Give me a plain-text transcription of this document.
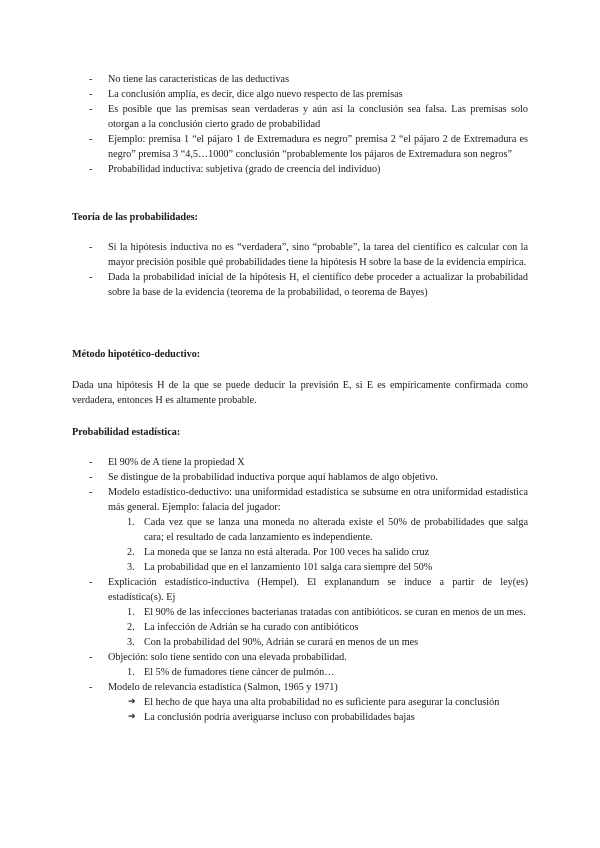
- No tiene las características de las deductivas
- La conclusión amplía, es decir, dice algo nuevo respecto de las premisas
- Es posible que las premisas sean verdaderas y aún así la conclusión sea falsa. Las premisas solo otorgan a la conclusión cierto grado de probabilidad
- Ejemplo: premisa 1 “el pájaro 1 de Extremadura es negro” premisa 2 “el pájaro 2 de Extremadura es negro” premisa 3 “4,5…1000” conclusión “probablemente los pájaros de Extremadura son negros”
- Probabilidad inductiva: subjetiva (grado de creencia del individuo)
Teoría de las probabilidades:
- Si la hipótesis inductiva no es “verdadera”, sino “probable”, la tarea del científico es calcular con la mayor precisión posible qué probabilidades tiene la hipótesis H sobre la base de la evidencia empírica.
- Dada la probabilidad inicial de la hipótesis H, el científico debe proceder a actualizar la probabilidad sobre la base de la evidencia (teorema de la probabilidad, o teorema de Bayes)
Método hipotético-deductivo:
Dada una hipótesis H de la que se puede deducir la previsión E, si E es empíricamente confirmada como verdadera, entonces H es altamente probable.
Probabilidad estadística:
- El 90% de A tiene la propiedad X
- Se distingue de la probabilidad inductiva porque aquí hablamos de algo objetivo.
- Modelo estadístico-deductivo: una uniformidad estadística se subsume en otra uniformidad estadística más general. Ejemplo: falacia del jugador:
1. Cada vez que se lanza una moneda no alterada existe el 50% de probabilidades que salga cara; el resultado de cada lanzamiento es independiente.
2. La moneda que se lanza no está alterada. Por 100 veces ha salido cruz
3. La probabilidad que en el lanzamiento 101 salga cara siempre del 50%
- Explicación estadístico-inductiva (Hempel). El explanandum se induce a partir de ley(es) estadística(s). Ej
1. El 90% de las infecciones bacterianas tratadas con antibióticos. se curan en menos de un mes.
2. La infección de Adrián se ha curado con antibióticos
3. Con la probabilidad del 90%, Adrián se curará en menos de un mes
- Objeción: solo tiene sentido con una elevada probabilidad.
1. El 5% de fumadores tiene cáncer de pulmón…
- Modelo de relevancia estadística (Salmon, 1965 y 1971)
➔ El hecho de que haya una alta probabilidad no es suficiente para asegurar la conclusión
➔ La conclusión podría averiguarse incluso con probabilidades bajas
